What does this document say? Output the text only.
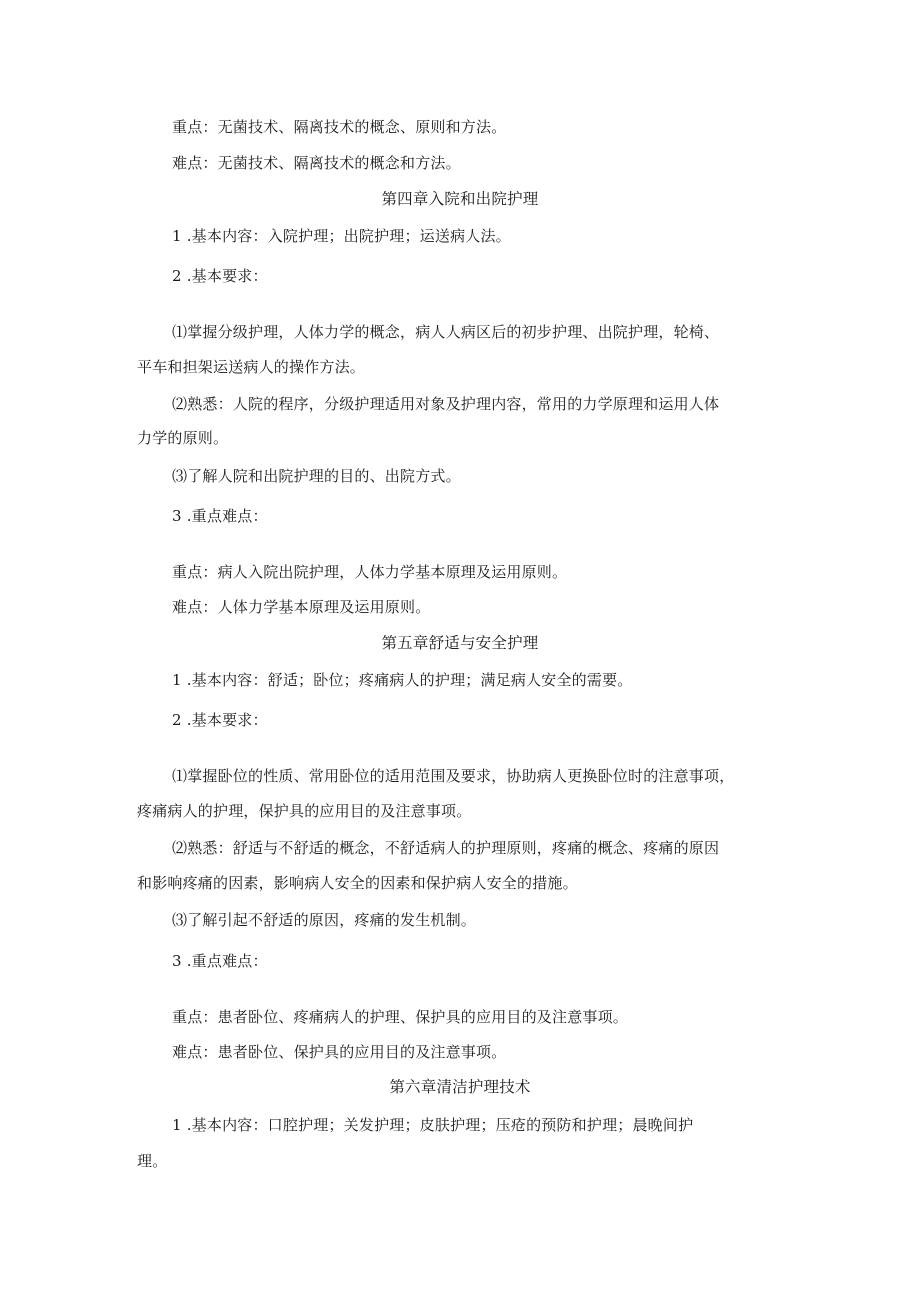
重点：无菌技术、隔离技术的概念、原则和方法。

难点：无菌技术、隔离技术的概念和方法。

第四章入院和出院护理

1 .基本内容：入院护理；出院护理；运送病人法。

2 .基本要求：

⑴掌握分级护理，人体力学的概念，病人人病区后的初步护理、出院护理，轮椅、

平车和担架运送病人的操作方法。

⑵熟悉：人院的程序，分级护理适用对象及护理内容，常用的力学原理和运用人体

力学的原则。

⑶了解人院和出院护理的目的、出院方式。

3 .重点难点：

重点：病人入院出院护理，人体力学基本原理及运用原则。

难点：人体力学基本原理及运用原则。

第五章舒适与安全护理

1 .基本内容：舒适；卧位；疼痛病人的护理；满足病人安全的需要。

2 .基本要求：

⑴掌握卧位的性质、常用卧位的适用范围及要求，协助病人更换卧位时的注意事项，

疼痛病人的护理，保护具的应用目的及注意事项。

⑵熟悉：舒适与不舒适的概念，不舒适病人的护理原则，疼痛的概念、疼痛的原因

和影响疼痛的因素，影响病人安全的因素和保护病人安全的措施。

⑶了解引起不舒适的原因，疼痛的发生机制。

3 .重点难点：

重点：患者卧位、疼痛病人的护理、保护具的应用目的及注意事项。

难点：患者卧位、保护具的应用目的及注意事项。

第六章清洁护理技术

1 .基本内容：口腔护理；关发护理；皮肤护理；压疮的预防和护理；晨晚间护

理。
